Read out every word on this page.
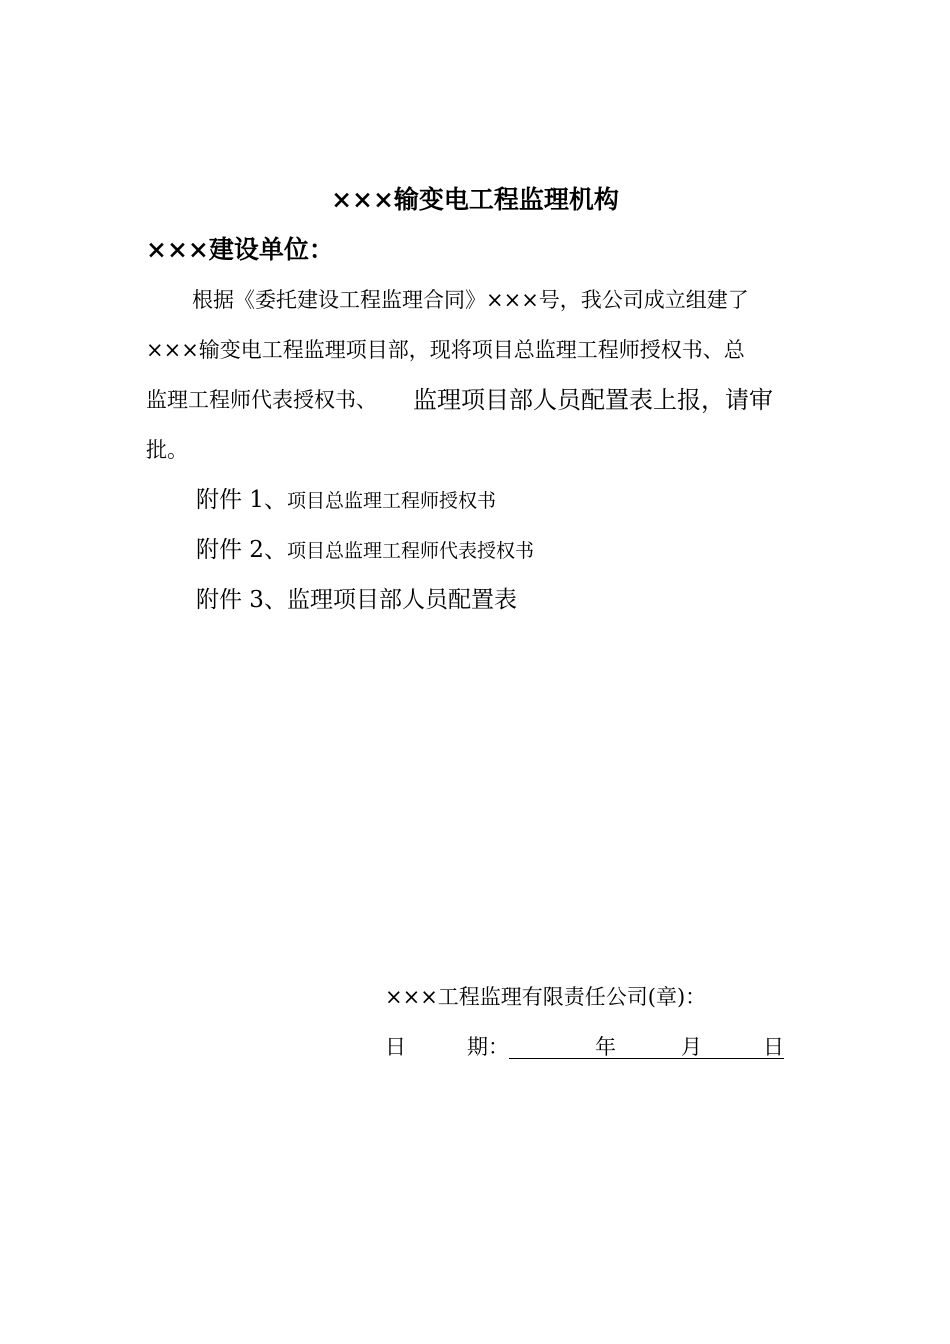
×××输变电工程监理机构
×××建设单位：
根据《委托建设工程监理合同》×××号，我公司成立组建了
×××输变电工程监理项目部，现将项目总监理工程师授权书、总
监理工程师代表授权书、 监理项目部人员配置表上报，请审
批。
附件 1、项目总监理工程师授权书
附件 2、项目总监理工程师代表授权书
附件 3、监理项目部人员配置表
×××工程监理有限责任公司(章)：
日	期：	年	月	日
